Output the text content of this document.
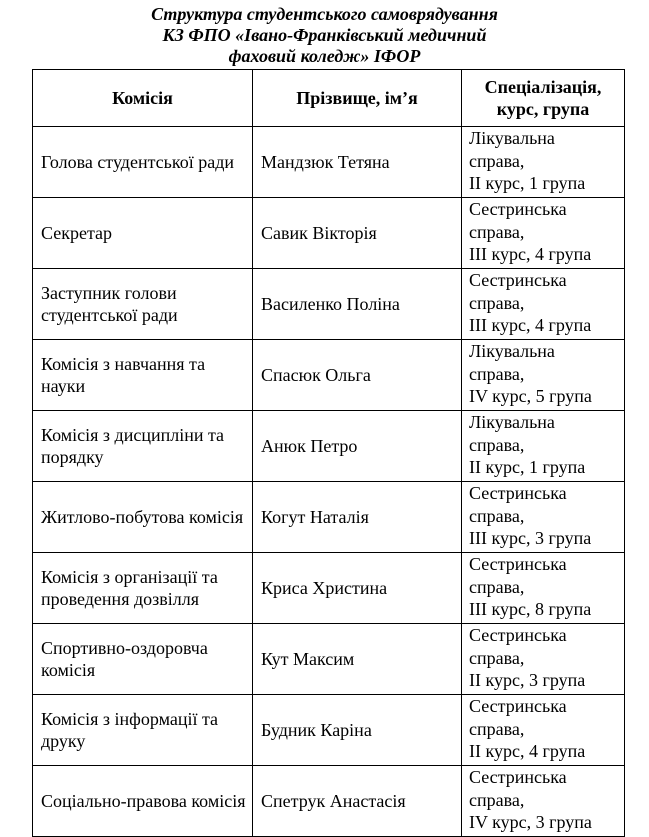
Структура студентського самоврядування
КЗ ФПО «Івано-Франківський медичний
фаховий коледж» ІФОР
Комісія	Прізвище, ім’я	Спеціалізація,
курс, група

Голова студентської ради	Мандзюк Тетяна	Лікувальна
справа,
ІІ курс, 1 група

Секретар	Савик Вікторія	Сестринська
справа,
ІІІ курс, 4 група

Заступник голови студентської ради	Василенко Поліна	Сестринська
справа,
ІІІ курс, 4 група

Комісія з навчання та науки	Спасюк Ольга	Лікувальна
справа,
IV курс, 5 група

Комісія з дисципліни та порядку	Анюк Петро	Лікувальна
справа,
ІІ курс, 1 група

Житлово-побутова комісія	Когут Наталія	Сестринська
справа,
ІІІ курс, 3 група

Комісія з організації та проведення дозвілля	Криса Христина	Сестринська
справа,
ІІІ курс, 8 група

Спортивно-оздоровча комісія	Кут Максим	Сестринська
справа,
ІІ курс, 3 група

Комісія з інформації та друку	Будник Каріна	Сестринська
справа,
ІІ курс, 4 група

Соціально-правова комісія	Спетрук Анастасія	Сестринська
справа,
IV курс, 3 група
